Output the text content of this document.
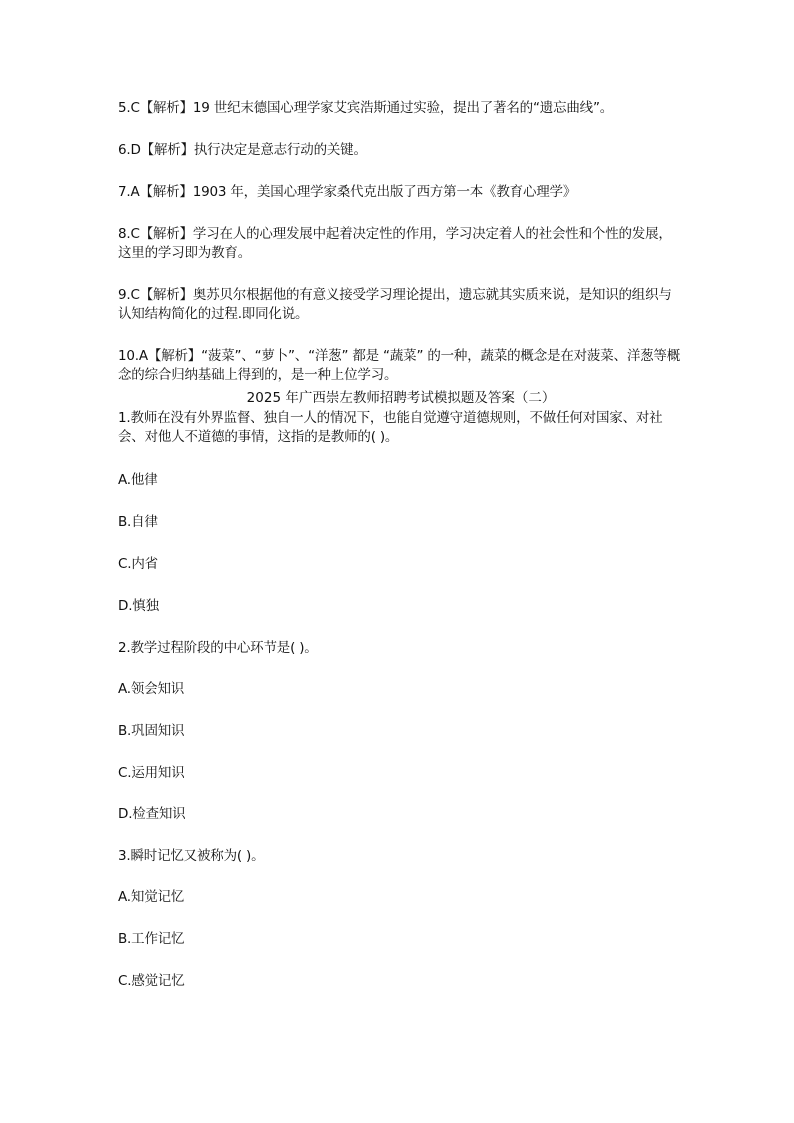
5.C【解析】19 世纪末德国心理学家艾宾浩斯通过实验，提出了著名的“遗忘曲线”。
6.D【解析】执行决定是意志行动的关键。
7.A【解析】1903 年，美国心理学家桑代克出版了西方第一本《教育心理学》
8.C【解析】学习在人的心理发展中起着决定性的作用，学习决定着人的社会性和个性的发展，这里的学习即为教育。
9.C【解析】奥苏贝尔根据他的有意义接受学习理论提出，遗忘就其实质来说，是知识的组织与认知结构简化的过程.即同化说。
10.A【解析】“菠菜”、“萝卜”、“洋葱” 都是 “蔬菜” 的一种，蔬菜的概念是在对菠菜、洋葱等概念的综合归纳基础上得到的，是一种上位学习。
2025 年广西崇左教师招聘考试模拟题及答案（二）
1.教师在没有外界监督、独自一人的情况下，也能自觉遵守道德规则，不做任何对国家、对社会、对他人不道德的事情，这指的是教师的( )。
A.他律
B.自律
C.内省
D.慎独
2.教学过程阶段的中心环节是( )。
A.领会知识
B.巩固知识
C.运用知识
D.检查知识
3.瞬时记忆又被称为( )。
A.知觉记忆
B.工作记忆
C.感觉记忆
